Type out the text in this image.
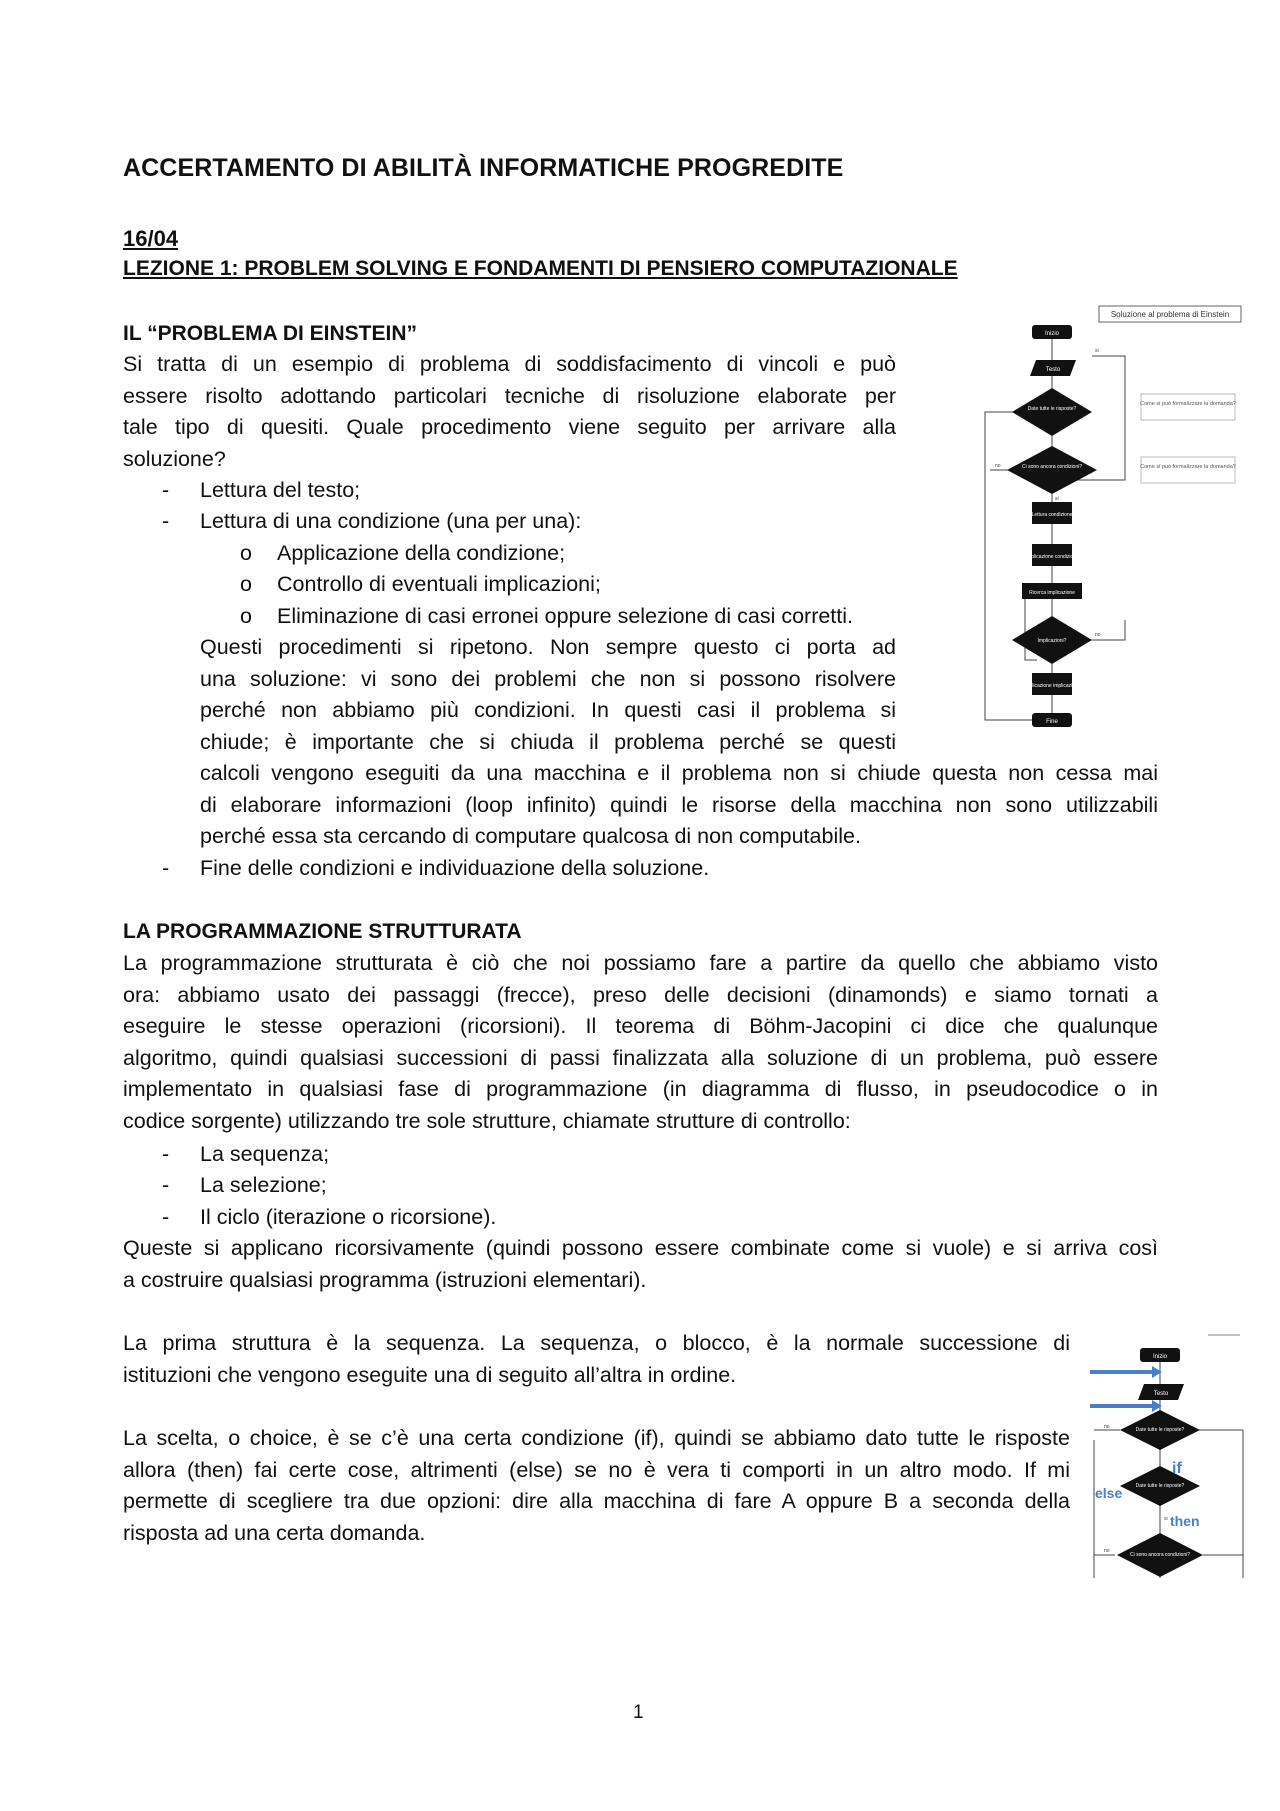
ACCERTAMENTO DI ABILITÀ INFORMATICHE PROGREDITE
16/04
LEZIONE 1: PROBLEM SOLVING E FONDAMENTI DI PENSIERO COMPUTAZIONALE
IL “PROBLEMA DI EINSTEIN”
Si tratta di un esempio di problema di soddisfacimento di vincoli e può
essere risolto adottando particolari tecniche di risoluzione elaborate per
tale tipo di quesiti. Quale procedimento viene seguito per arrivare alla
soluzione?
- Lettura del testo;
- Lettura di una condizione (una per una):
o Applicazione della condizione;
o Controllo di eventuali implicazioni;
o Eliminazione di casi erronei oppure selezione di casi corretti.
Questi procedimenti si ripetono. Non sempre questo ci porta ad
una soluzione: vi sono dei problemi che non si possono risolvere
perché non abbiamo più condizioni. In questi casi il problema si
chiude; è importante che si chiuda il problema perché se questi
calcoli vengono eseguiti da una macchina e il problema non si chiude questa non cessa mai
di elaborare informazioni (loop infinito) quindi le risorse della macchina non sono utilizzabili
perché essa sta cercando di computare qualcosa di non computabile.
- Fine delle condizioni e individuazione della soluzione.
Soluzione al problema di Einstein
Inizio
Testo
Date tutte le risposte?
Ci sono ancora condizioni?
Lettura condizione
Applicazione condizione
Ricerca implicazione
Implicazioni?
Applicazione implicazione
Fine
Come si può formalizzare la domanda?
Come si può formalizzare la domanda?
si
no
no
si
LA PROGRAMMAZIONE STRUTTURATA
La programmazione strutturata è ciò che noi possiamo fare a partire da quello che abbiamo visto
ora: abbiamo usato dei passaggi (frecce), preso delle decisioni (dinamonds) e siamo tornati a
eseguire le stesse operazioni (ricorsioni). Il teorema di Böhm-Jacopini ci dice che qualunque
algoritmo, quindi qualsiasi successioni di passi finalizzata alla soluzione di un problema, può essere
implementato in qualsiasi fase di programmazione (in diagramma di flusso, in pseudocodice o in
codice sorgente) utilizzando tre sole strutture, chiamate strutture di controllo:
- La sequenza;
- La selezione;
- Il ciclo (iterazione o ricorsione).
Queste si applicano ricorsivamente (quindi possono essere combinate come si vuole) e si arriva così
a costruire qualsiasi programma (istruzioni elementari).
La prima struttura è la sequenza. La sequenza, o blocco, è la normale successione di
istituzioni che vengono eseguite una di seguito all’altra in ordine.
La scelta, o choice, è se c’è una certa condizione (if), quindi se abbiamo dato tutte le risposte
allora (then) fai certe cose, altrimenti (else) se no è vera ti comporti in un altro modo. If mi
permette di scegliere tra due opzioni: dire alla macchina di fare A oppure B a seconda della
risposta ad una certa domanda.
Inizio
Testo
Date tutte le risposte?
Date tutte le risposte?
Ci sono ancora condizioni?
if
else
then
no
no
si
1
